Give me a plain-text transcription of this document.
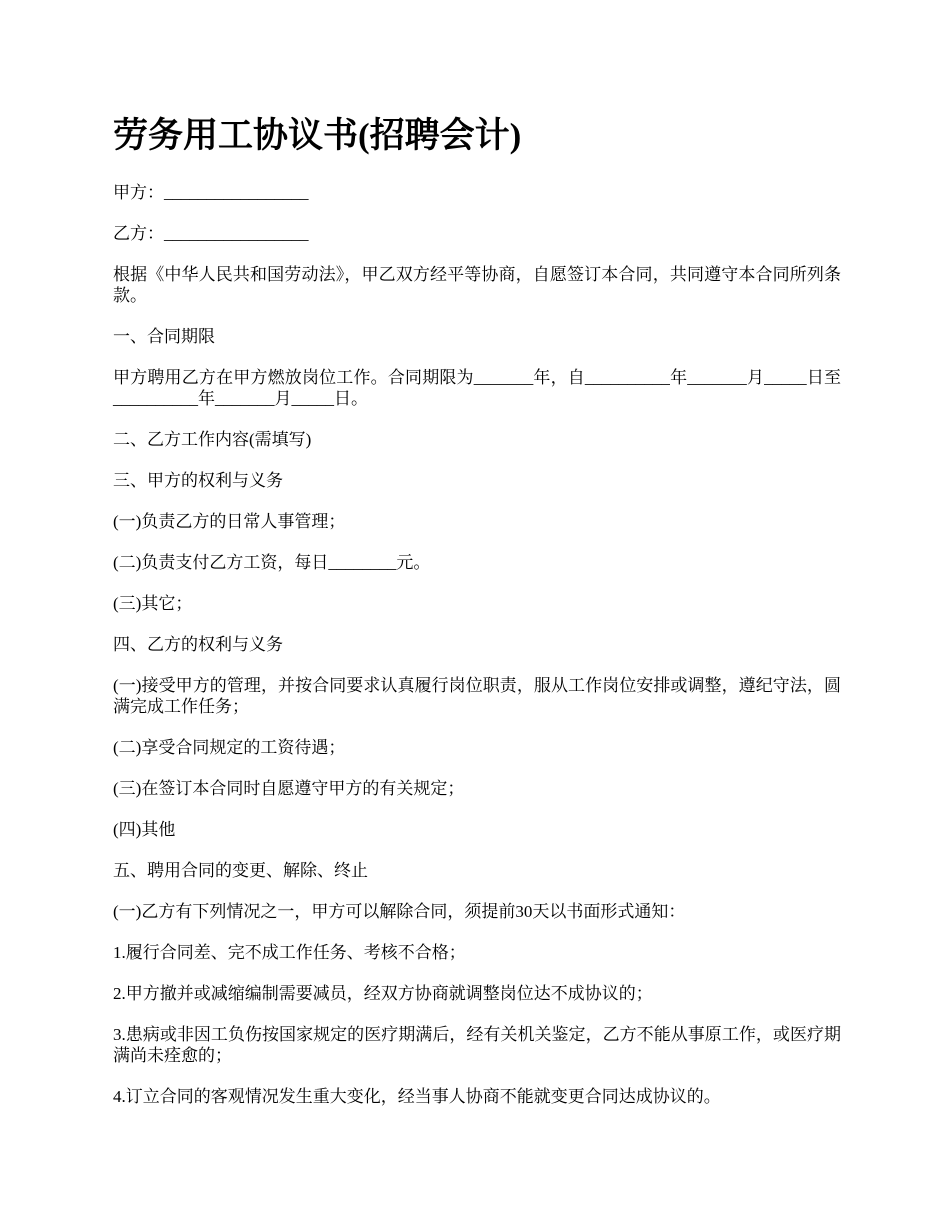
劳务用工协议书(招聘会计)

甲方：_________________

乙方：_________________

根据《中华人民共和国劳动法》，甲乙双方经平等协商，自愿签订本合同，共同遵守本合同所列条款。

一、合同期限

甲方聘用乙方在甲方燃放岗位工作。合同期限为_______年，自__________年_______月_____日至__________年_______月_____日。

二、乙方工作内容(需填写)

三、甲方的权利与义务

(一)负责乙方的日常人事管理；

(二)负责支付乙方工资，每日________元。

(三)其它；

四、乙方的权利与义务

(一)接受甲方的管理，并按合同要求认真履行岗位职责，服从工作岗位安排或调整，遵纪守法，圆满完成工作任务；

(二)享受合同规定的工资待遇；

(三)在签订本合同时自愿遵守甲方的有关规定；

(四)其他

五、聘用合同的变更、解除、终止

(一)乙方有下列情况之一，甲方可以解除合同，须提前30天以书面形式通知：

1.履行合同差、完不成工作任务、考核不合格；

2.甲方撤并或减缩编制需要减员，经双方协商就调整岗位达不成协议的；

3.患病或非因工负伤按国家规定的医疗期满后，经有关机关鉴定，乙方不能从事原工作，或医疗期满尚未痊愈的；

4.订立合同的客观情况发生重大变化，经当事人协商不能就变更合同达成协议的。
